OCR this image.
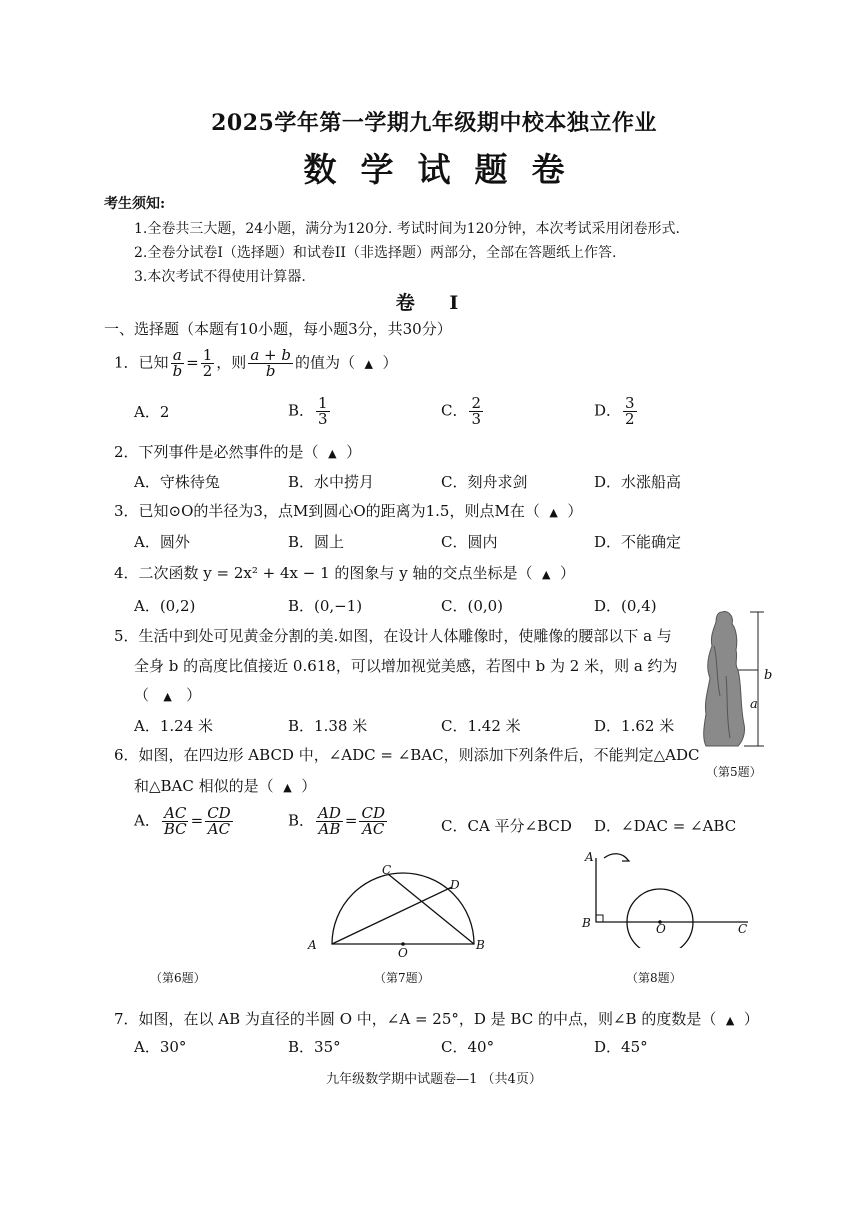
2025学年第一学期九年级期中校本独立作业
数学试题卷
考生须知:
1.全卷共三大题，24小题，满分为120分. 考试时间为120分钟，本次考试采用闭卷形式.
2.全卷分试卷I（选择题）和试卷II（非选择题）两部分，全部在答题纸上作答.
3.本次考试不得使用计算器.
卷 I
一、选择题（本题有10小题，每小题3分，共30分）
1．已知 $\frac{a}{b} = \frac{1}{2}$ ，则 $\frac{a + b}{b}$ 的值为（ ▲ ）
A．2	B． $\frac{1}{3}$	C． $\frac{2}{3}$	D． $\frac{3}{2}$
2．下列事件是必然事件的是（ ▲ ）
A．守株待兔	B．水中捞月	C．刻舟求剑	D．水涨船高
3．已知⊙O的半径为3，点M到圆心O的距离为1.5，则点M在（ ▲ ）
A．圆外	B．圆上	C．圆内	D．不能确定
4．二次函数 y = 2x² + 4x − 1 的图象与 y 轴的交点坐标是（ ▲ ）
A．(0,2)	B．(0,−1)	C．(0,0)	D．(0,4)
5．生活中到处可见黄金分割的美.如图，在设计人体雕像时，使雕像的腰部以下 a 与
全身 b 的高度比值接近 0.618，可以增加视觉美感，若图中 b 为 2 米，则 a 约为
（ ▲ ）
A．1.24 米	B．1.38 米	C．1.42 米	D．1.62 米
b
a
（第5题）
6．如图，在四边形 ABCD 中，∠ADC = ∠BAC，则添加下列条件后，不能判定△ADC
和△BAC 相似的是（ ▲ ）
A． $\frac{AC}{BC} = \frac{CD}{AC}$	B． $\frac{AD}{AB} = \frac{CD}{AC}$	C．CA 平分∠BCD D．∠DAC = ∠ABC
A	B
C
D
O
A
B	O	C
（第6题）	（第7题）	（第8题）
7．如图，在以 AB 为直径的半圆 O 中，∠A = 25°，D 是 BC 的中点，则∠B 的度数是（ ▲ ）
A．30°	B．35°	C．40°	D．45°
九年级数学期中试题卷—1 （共4页）
